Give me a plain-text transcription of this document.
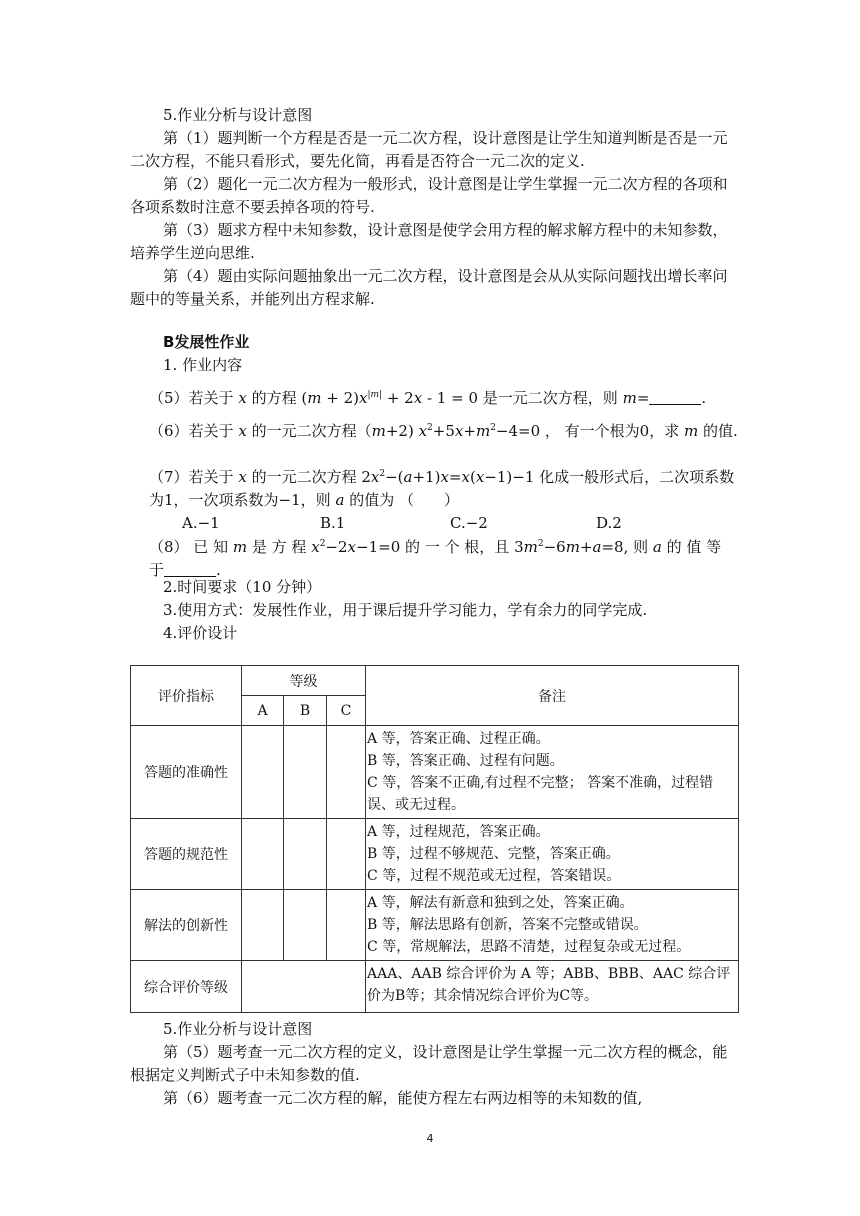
5.作业分析与设计意图
第（1）题判断一个方程是否是一元二次方程，设计意图是让学生知道判断是否是一元二次方程，不能只看形式，要先化简，再看是否符合一元二次的定义.
第（2）题化一元二次方程为一般形式，设计意图是让学生掌握一元二次方程的各项和各项系数时注意不要丢掉各项的符号.
第（3）题求方程中未知参数，设计意图是使学会用方程的解求解方程中的未知参数，培养学生逆向思维.
第（4）题由实际问题抽象出一元二次方程，设计意图是会从从实际问题找出增长率问题中的等量关系，并能列出方程求解.
B发展性作业
1. 作业内容
（5）若关于 x 的方程 $(m + 2)x^{|m|} + 2x - 1 = 0$ 是一元二次方程，则 m=	.
（6）若关于 x 的一元二次方程（m+2) $x^2+5x+m^2-4=0$ ， 有一个根为0，求 m 的值.
（7）若关于 x 的一元二次方程 $2x^2-(a+1)x=x(x-1)-1$ 化成一般形式后，二次项系数为1，一次项系数为−1，则 a 的值为 （　　）
A.−1	B.1	C.−2	D.2
（8） 已 知 m 是 方 程 $x^2-2x-1=0$ 的 一 个 根，且 $3m^2-6m+a=8$, 则 a 的 值 等 于	.
2.时间要求（10 分钟）
3.使用方式：发展性作业，用于课后提升学习能力，学有余力的同学完成.
4.评价设计
评价指标	等级			备注
	A	B	C	
答题的准确性				A 等，答案正确、过程正确。
B 等，答案正确、过程有问题。
C 等，答案不正确,有过程不完整； 答案不准确，过程错误、或无过程。

答题的规范性				A 等，过程规范，答案正确。
B 等，过程不够规范、完整，答案正确。
C 等，过程不规范或无过程，答案错误。

解法的创新性				A 等，解法有新意和独到之处，答案正确。
B 等，解法思路有创新，答案不完整或错误。
C 等，常规解法，思路不清楚，过程复杂或无过程。

综合评价等级				AAA、AAB 综合评价为 A 等；ABB、BBB、AAC 综合评价为B等；其余情况综合评价为C等。
5.作业分析与设计意图
第（5）题考查一元二次方程的定义，设计意图是让学生掌握一元二次方程的概念，能根据定义判断式子中未知参数的值.
第（6）题考查一元二次方程的解，能使方程左右两边相等的未知数的值,
4
